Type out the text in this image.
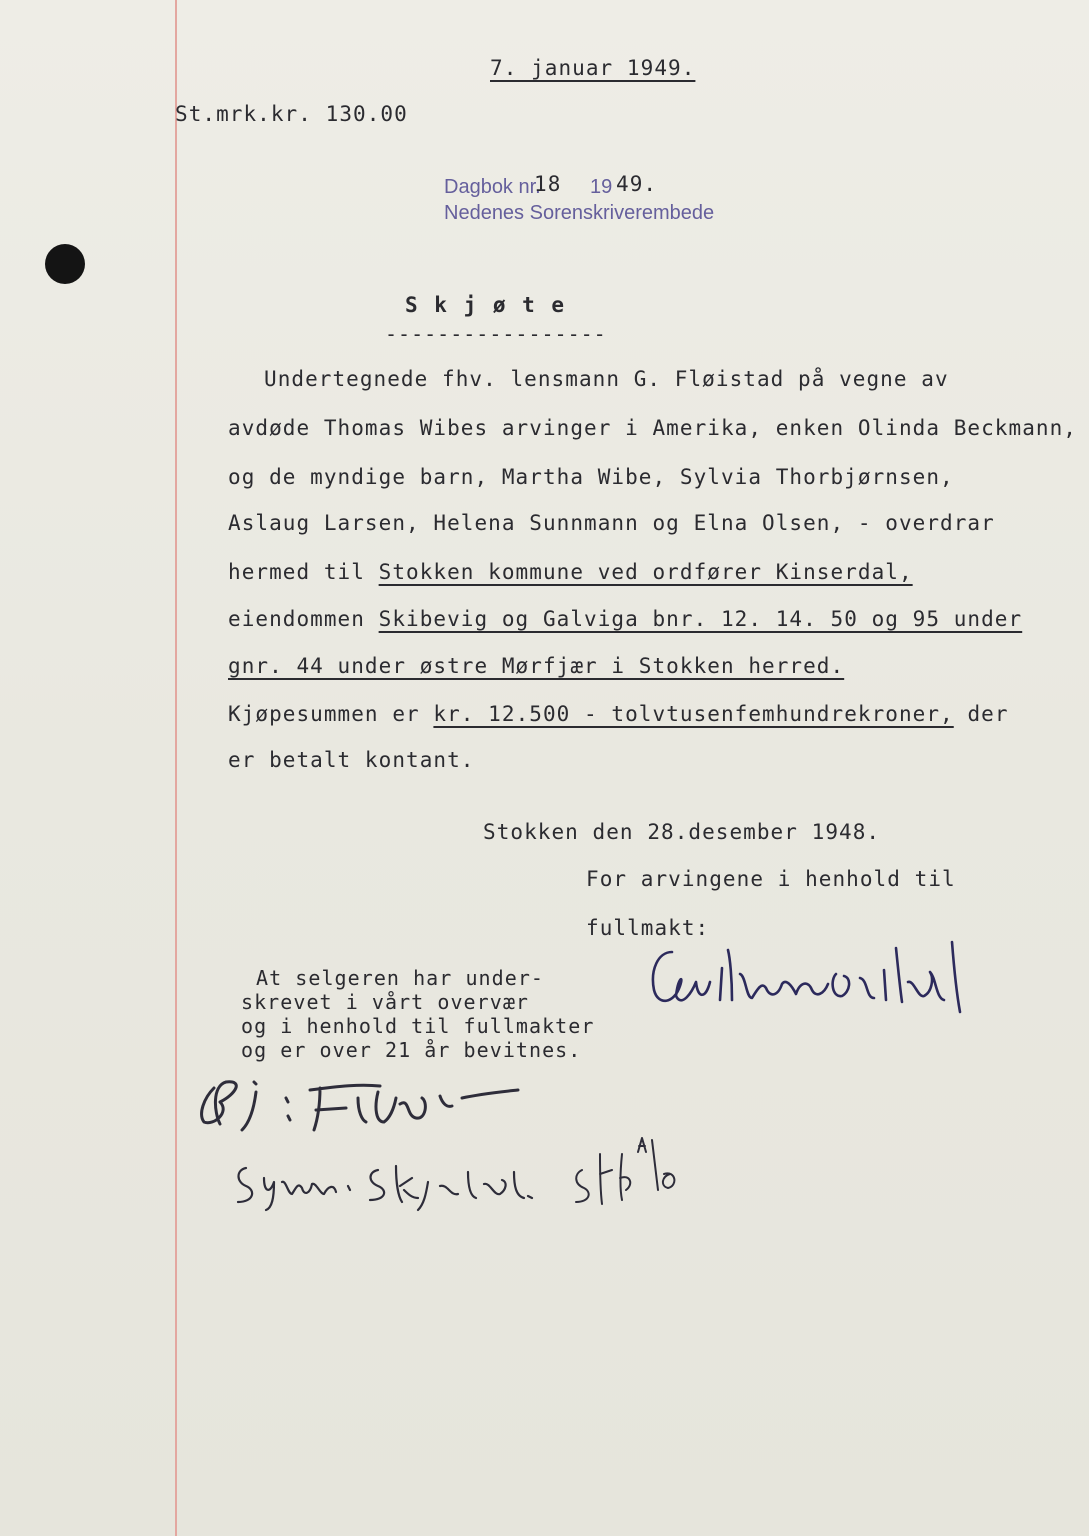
7. januar 1949.
St.mrk.kr. 130.00
Dagbok nr.
18 19 49.
Nedenes Sorenskriverembede
S k j ø t e
-----------------
Undertegnede fhv. lensmann G. Fløistad på vegne av
avdøde Thomas Wibes arvinger i Amerika, enken Olinda Beckmann,
og de myndige barn, Martha Wibe, Sylvia Thorbjørnsen,
Aslaug Larsen, Helena Sunnmann og Elna Olsen, - overdrar
hermed til Stokken kommune ved ordfører Kinserdal,
eiendommen Skibevig og Galviga bnr. 12. 14. 50 og 95 under
gnr. 44 under østre Mørfjær i Stokken herred.
Kjøpesummen er kr. 12.500 - tolvtusenfemhundrekroner, der
er betalt kontant.
Stokken den 28.desember 1948.
For arvingene i henhold til
fullmakt:
At selgeren har under-
skrevet i vårt overvær
og i henhold til fullmakter
og er over 21 år bevitnes.
